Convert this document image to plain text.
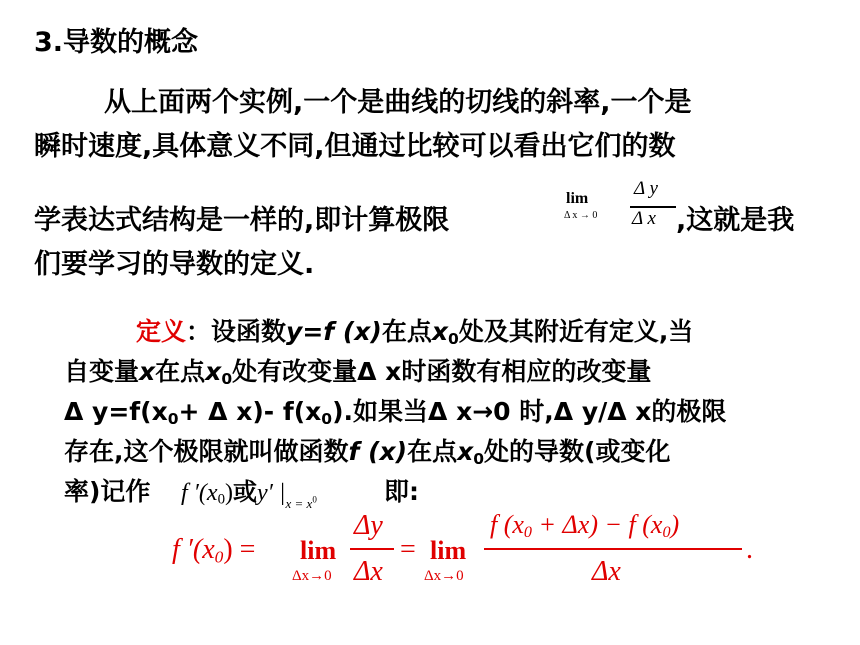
3.导数的概念
从上面两个实例,一个是曲线的切线的斜率,一个是
瞬时速度,具体意义不同,但通过比较可以看出它们的数
学表达式结构是一样的,即计算极限
lim
Δ x → 0
Δ y
Δ x ,这就是我
们要学习的导数的定义.
定义：设函数y=f (x)在点$x_0$处及其附近有定义,当
自变量x在点$x_0$处有改变量Δ x时函数有相应的改变量
Δ $y=f(x_0+ \Delta$ x)- $f(x_0)$.如果当Δ x→0 时,Δ y/Δ x的极限
存在,这个极限就叫做函数f (x)在点$x_0$处的导数(或变化
率)记作 f $'(x_0)$或y′ $|_{x = x0}$	即:
f $'(x_0) = \lim$
Δx→0
Δy
Δx
= lim
Δx→0
f $(x_0 + \Delta x) - f$ $(x_0)$
Δx
.
